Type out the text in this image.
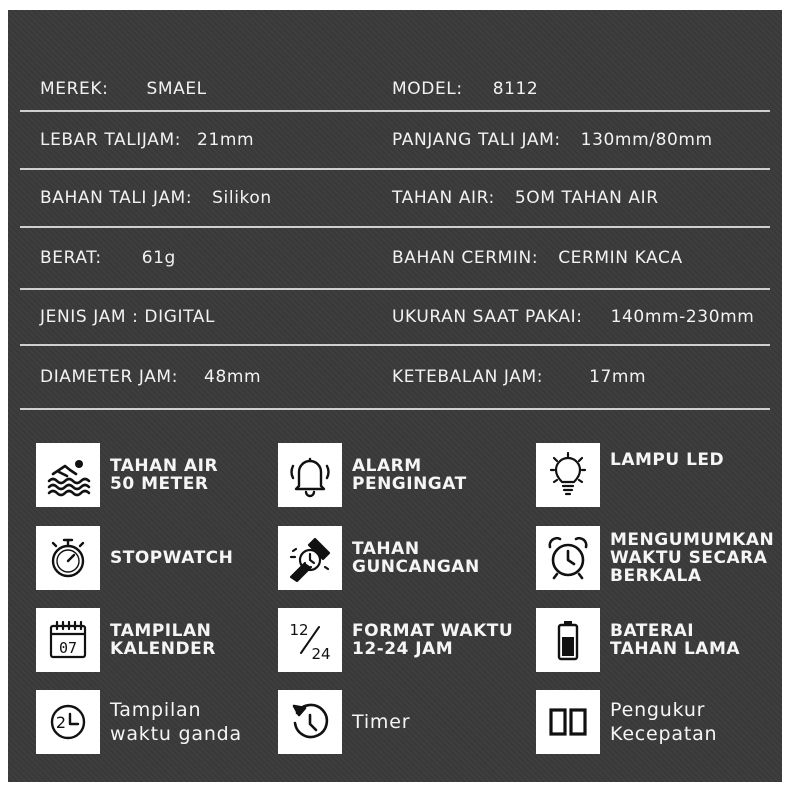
MEREK: SMAEL	MODEL: 8112
LEBAR TALIJAM: 21mm	PANJANG TALI JAM: 130mm/80mm
BAHAN TALI JAM: Silikon	TAHAN AIR: 5OM TAHAN AIR
BERAT: 61g	BAHAN CERMIN: CERMIN KACA
JENIS JAM : DIGITAL	UKURAN SAAT PAKAI: 140mm-230mm
DIAMETER JAM: 48mm	KETEBALAN JAM:	17mm
TAHAN AIR
50 METER
ALARM
PENGINGAT
LAMPU LED
STOPWATCH	TAHAN
GUNCANGAN
MENGUMUMKAN
WAKTU SECARA
BERKALA
07
TAMPILAN
KALENDER
12
24
FORMAT WAKTU
12-24 JAM
BATERAI
TAHAN LAMA
2
Tampilan
waktu ganda
Timer
Pengukur
Kecepatan
